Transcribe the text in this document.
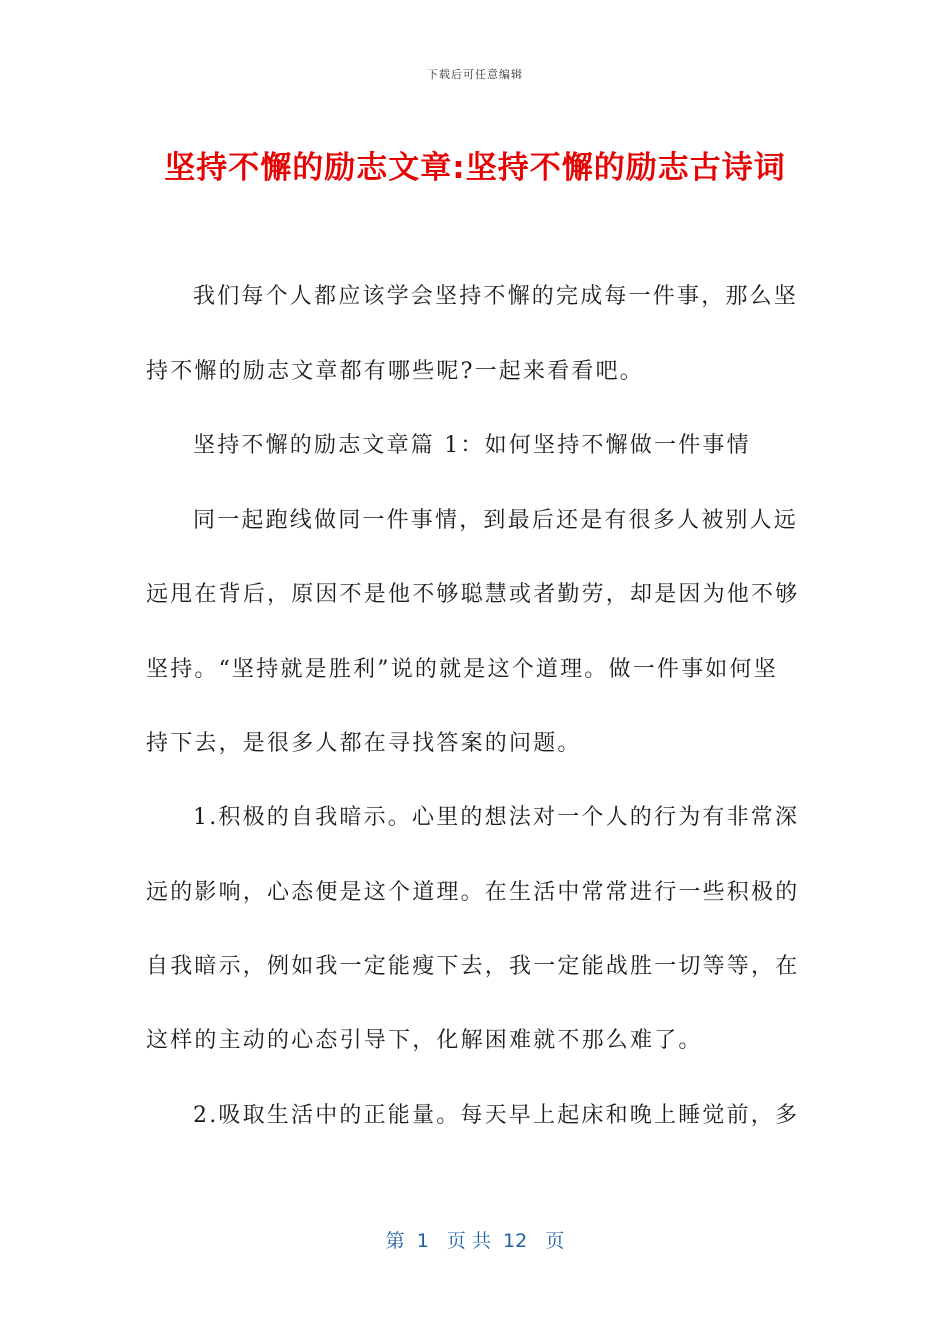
下载后可任意编辑
坚持不懈的励志文章:坚持不懈的励志古诗词
我们每个人都应该学会坚持不懈的完成每一件事，那么坚
持不懈的励志文章都有哪些呢?一起来看看吧。
坚持不懈的励志文章篇 1：如何坚持不懈做一件事情
同一起跑线做同一件事情，到最后还是有很多人被别人远
远甩在背后，原因不是他不够聪慧或者勤劳，却是因为他不够
坚持。“坚持就是胜利”说的就是这个道理。做一件事如何坚
持下去，是很多人都在寻找答案的问题。
1.积极的自我暗示。心里的想法对一个人的行为有非常深
远的影响，心态便是这个道理。在生活中常常进行一些积极的
自我暗示，例如我一定能瘦下去，我一定能战胜一切等等，在
这样的主动的心态引导下，化解困难就不那么难了。
2.吸取生活中的正能量。每天早上起床和晚上睡觉前，多
第  1   页 共  12   页
